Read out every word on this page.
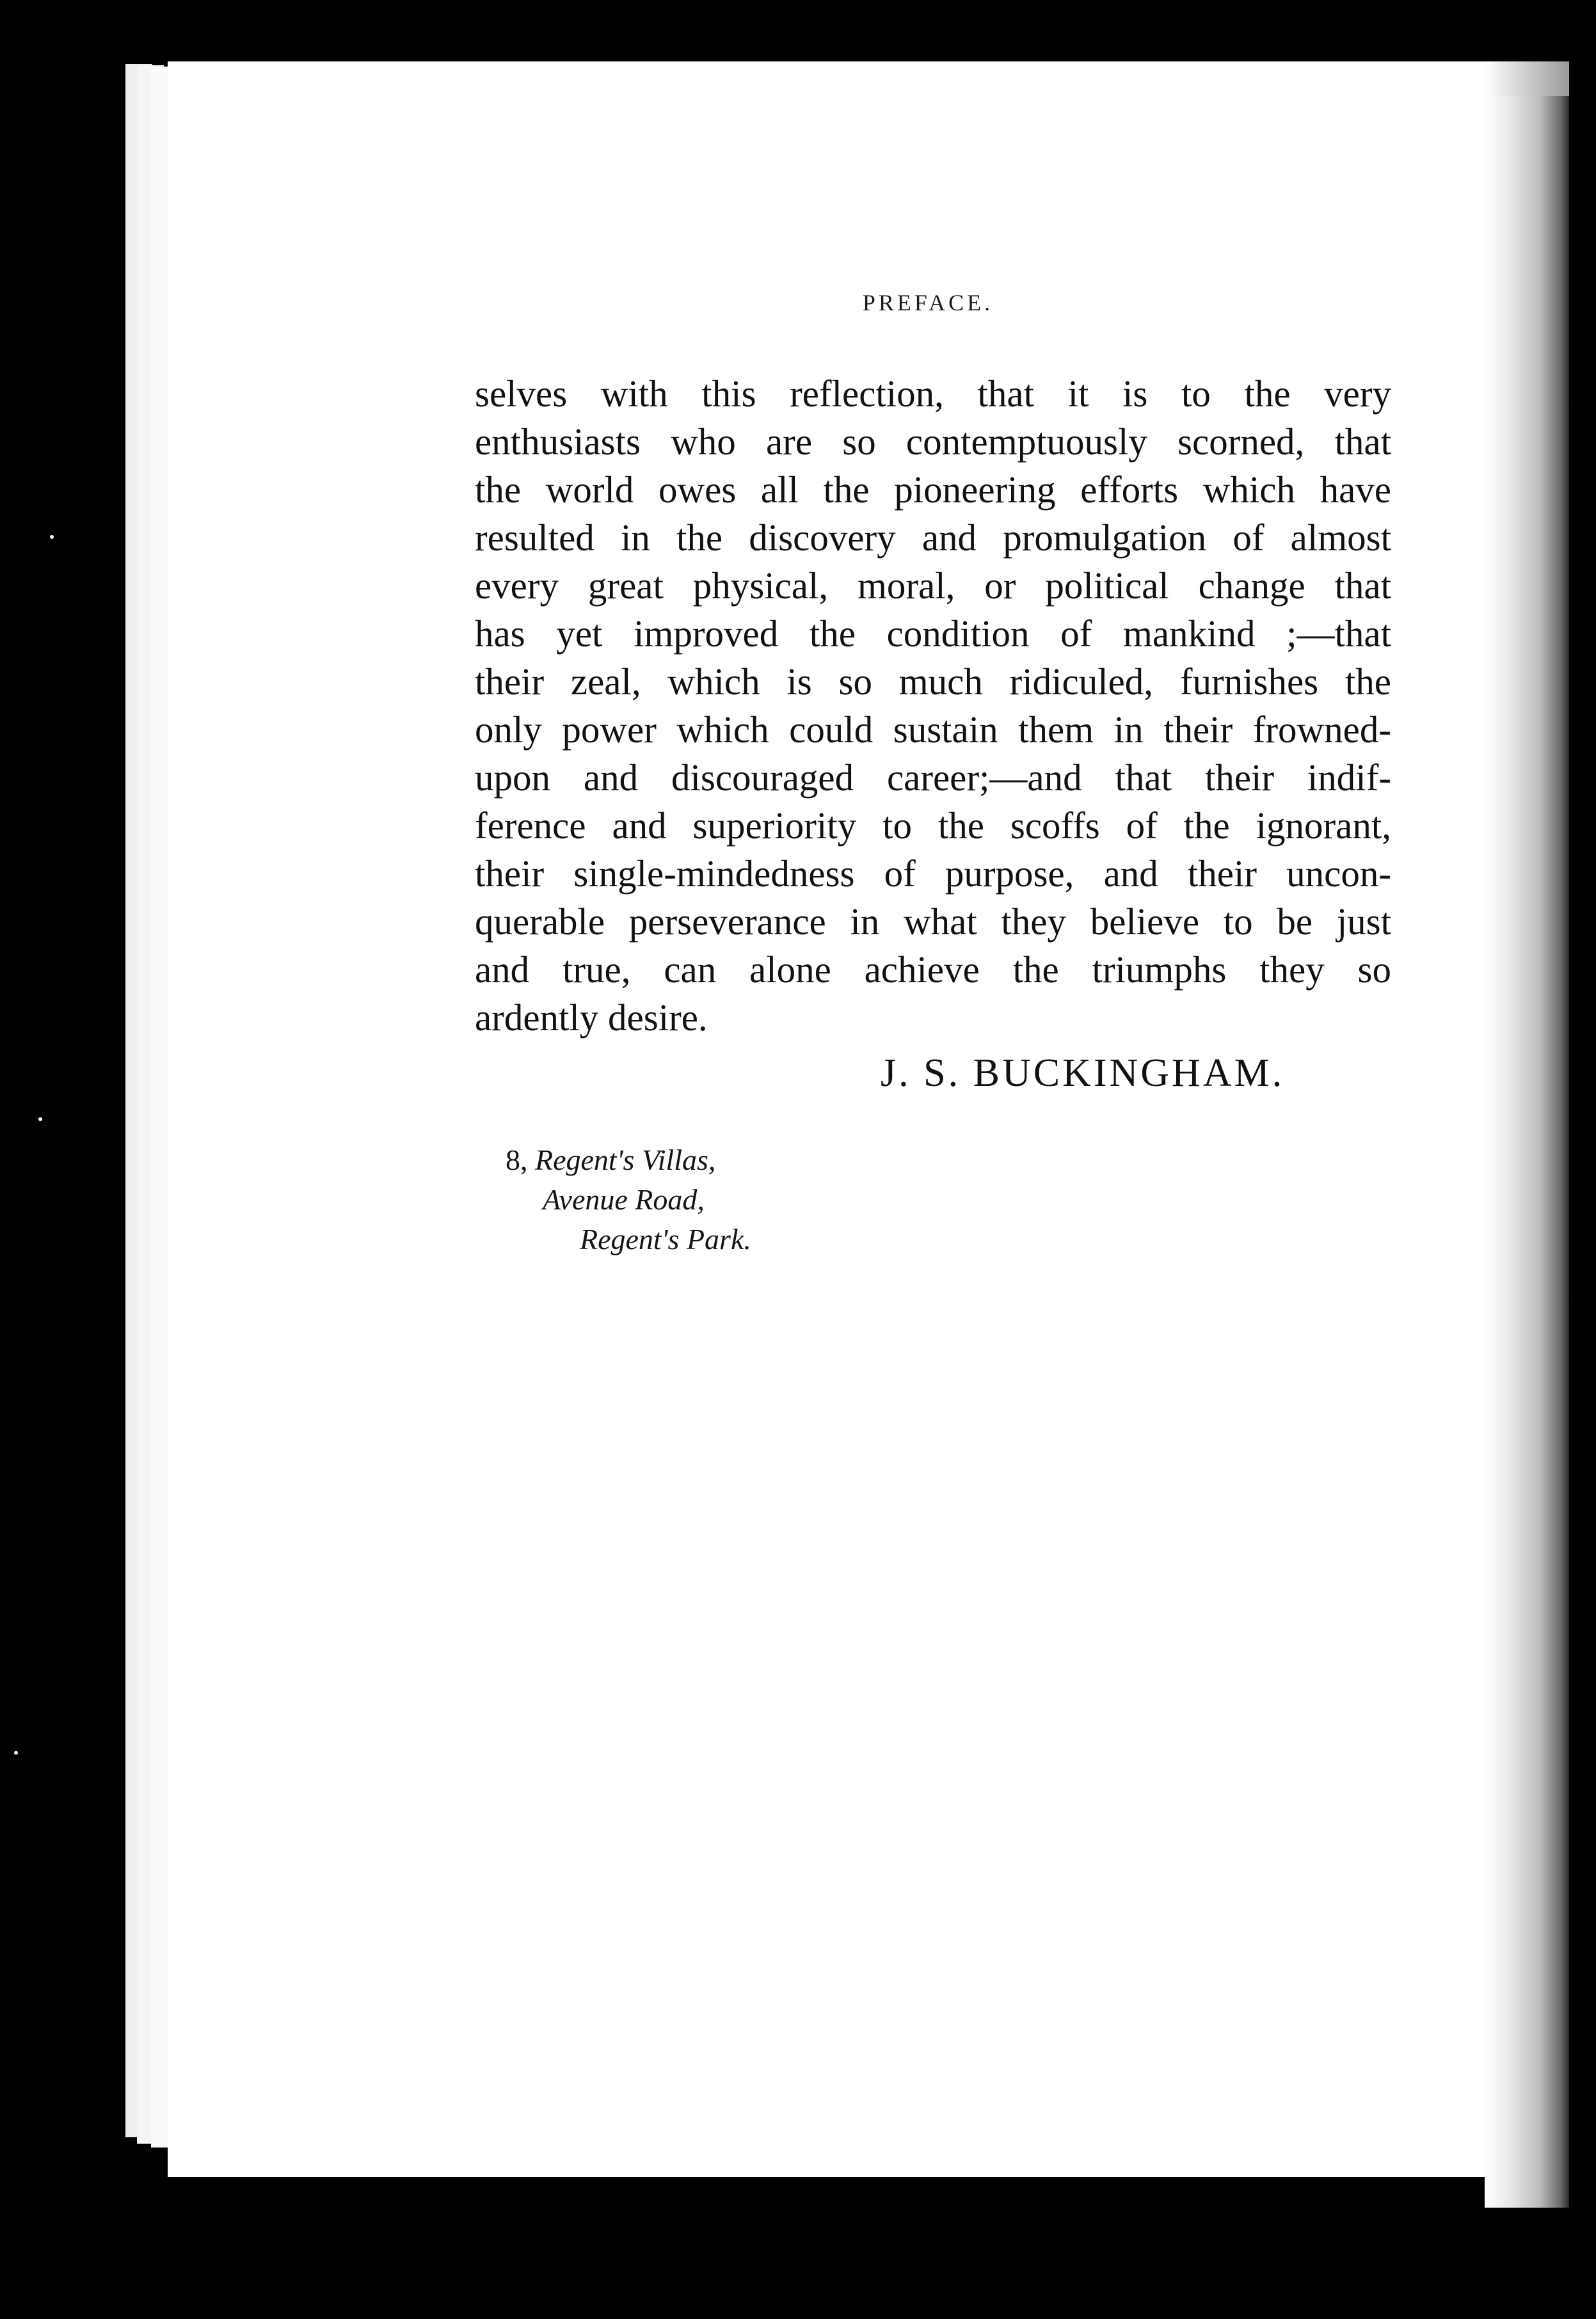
PREFACE.
selves with this reflection, that it is to the very
enthusiasts who are so contemptuously scorned, that
the world owes all the pioneering efforts which have
resulted in the discovery and promulgation of almost
every great physical, moral, or political change that
has yet improved the condition of mankind ;—that
their zeal, which is so much ridiculed, furnishes the
only power which could sustain them in their frowned-
upon and discouraged career;—and that their indif-
ference and superiority to the scoffs of the ignorant,
their single-mindedness of purpose, and their uncon-
querable perseverance in what they believe to be just
and true, can alone achieve the triumphs they so
ardently desire.
J. S. BUCKINGHAM.
8, Regent's Villas,
Avenue Road,
Regent's Park.
